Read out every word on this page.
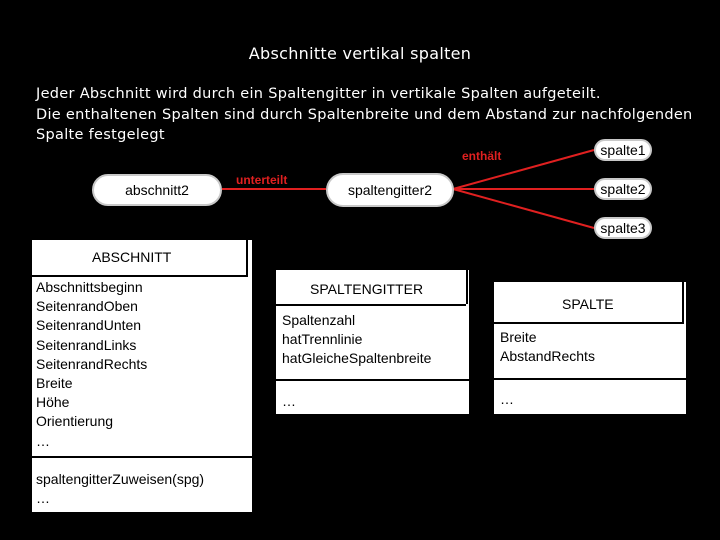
Abschnitte vertikal spalten
Jeder Abschnitt wird durch ein Spaltengitter in vertikale Spalten aufgeteilt.
Die enthaltenen Spalten sind durch Spaltenbreite und dem Abstand zur nachfolgenden
Spalte festgelegt
unterteilt
enthält
abschnitt2	spaltengitter2
spalte1
spalte2
spalte3
ABSCHNITT
Abschnittsbeginn
SeitenrandOben
SeitenrandUnten
SeitenrandLinks
SeitenrandRechts
Breite
Höhe
Orientierung
…
spaltengitterZuweisen(spg)
…
SPALTENGITTER
Spaltenzahl
hatTrennlinie
hatGleicheSpaltenbreite
…
SPALTE
Breite
AbstandRechts
…
